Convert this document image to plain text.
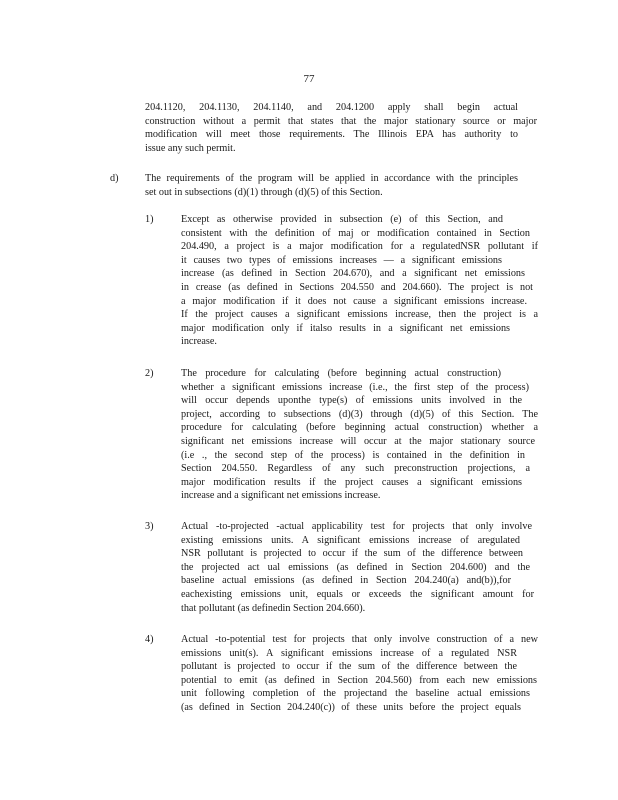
77

204.1120, 204.1130, 204.1140, and 204.1200 apply shall begin actual

construction without a permit that states that the major stationary source or major

modification will meet those requirements. The Illinois EPA has authority to

issue any such permit.

d)	The requirements of the program will be applied in accordance with the principles

set out in subsections (d)(1) through (d)(5) of this Section.

1)	Except as otherwise provided in subsection (e) of this Section, and

consistent with the definition of maj or modification contained in Section

204.490, a project is a major modification for a regulatedNSR pollutant if

it causes two types of emissions increases — a significant emissions

increase (as defined in Section 204.670), and a significant net emissions

in crease (as defined in Sections 204.550 and 204.660). The project is not

a major modification if it does not cause a significant emissions increase.

If the project causes a significant emissions increase, then the project is a

major modification only if italso results in a significant net emissions

increase.

2)	The procedure for calculating (before beginning actual construction)

whether a significant emissions increase (i.e., the first step of the process)

will occur depends uponthe type(s) of emissions units involved in the

project, according to subsections (d)(3) through (d)(5) of this Section. The

procedure for calculating (before beginning actual construction) whether a

significant net emissions increase will occur at the major stationary source

(i.e ., the second step of the process) is contained in the definition in

Section 204.550. Regardless of any such preconstruction projections, a

major modification results if the project causes a significant emissions

increase and a significant net emissions increase.

3)	Actual -to-projected -actual applicability test for projects that only involve

existing emissions units. A significant emissions increase of aregulated

NSR pollutant is projected to occur if the sum of the difference between

the projected act ual emissions (as defined in Section 204.600) and the

baseline actual emissions (as defined in Section 204.240(a) and(b)),for

eachexisting emissions unit, equals or exceeds the significant amount for

that pollutant (as definedin Section 204.660).

4)	Actual -to-potential test for projects that only involve construction of a new

emissions unit(s). A significant emissions increase of a regulated NSR

pollutant is projected to occur if the sum of the difference between the

potential to emit (as defined in Section 204.560) from each new emissions

unit following completion of the projectand the baseline actual emissions

(as defined in Section 204.240(c)) of these units before the project equals
